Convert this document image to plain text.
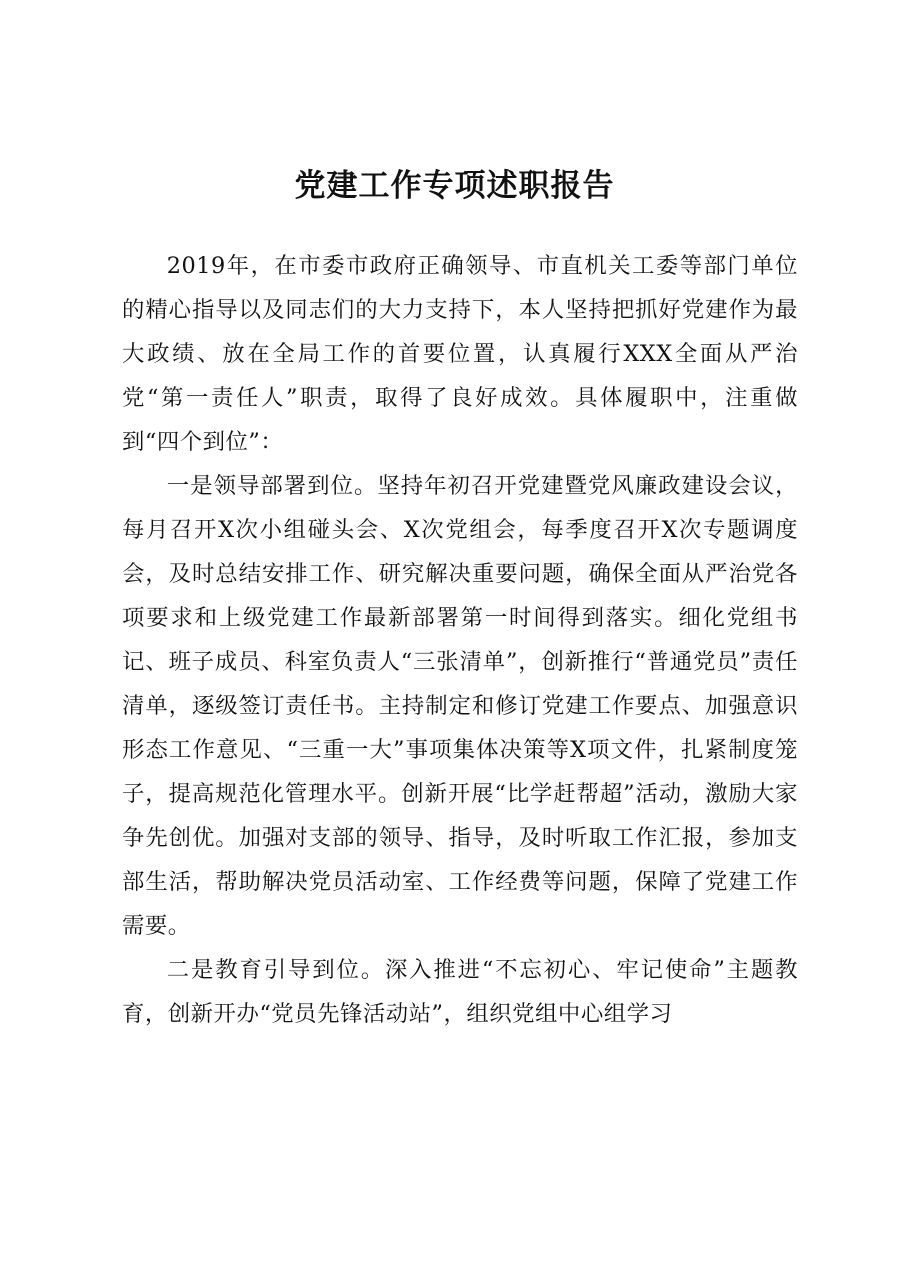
党建工作专项述职报告

2019年，在市委市政府正确领导、市直机关工委等部门单位的精心指导以及同志们的大力支持下，本人坚持把抓好党建作为最大政绩、放在全局工作的首要位置，认真履行XXX全面从严治党“第一责任人”职责，取得了良好成效。具体履职中，注重做到“四个到位”：

一是领导部署到位。坚持年初召开党建暨党风廉政建设会议，每月召开X次小组碰头会、X次党组会，每季度召开X次专题调度会，及时总结安排工作、研究解决重要问题，确保全面从严治党各项要求和上级党建工作最新部署第一时间得到落实。细化党组书记、班子成员、科室负责人“三张清单”，创新推行“普通党员”责任清单，逐级签订责任书。主持制定和修订党建工作要点、加强意识形态工作意见、“三重一大”事项集体决策等X项文件，扎紧制度笼子，提高规范化管理水平。创新开展“比学赶帮超”活动，激励大家争先创优。加强对支部的领导、指导，及时听取工作汇报，参加支部生活，帮助解决党员活动室、工作经费等问题，保障了党建工作需要。

二是教育引导到位。深入推进“不忘初心、牢记使命”主题教育，创新开办“党员先锋活动站”，组织党组中心组学习
